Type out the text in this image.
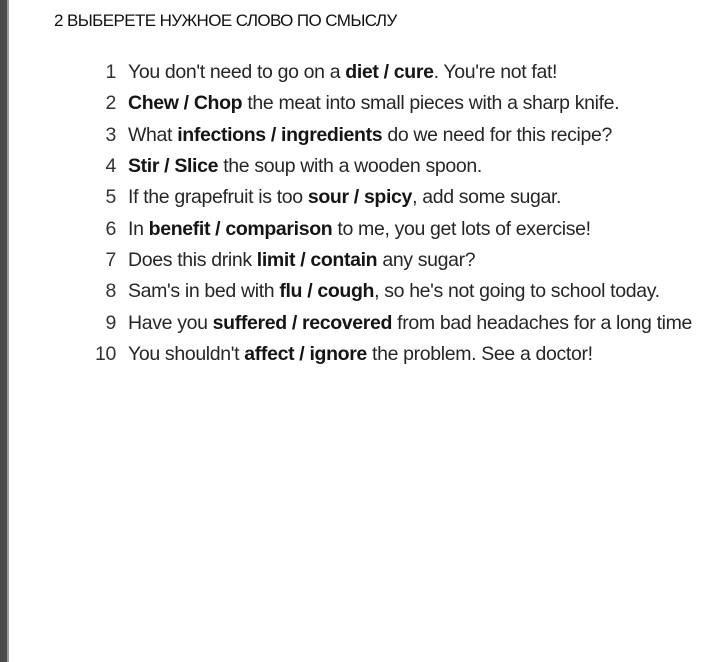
2 ВЫБЕРЕТЕ НУЖНОЕ СЛОВО ПО СМЫСЛУ
1 You don't need to go on a diet / cure . You're not fat!
2 Chew / Chop the meat into small pieces with a sharp knife.
3 What infections / ingredients do we need for this recipe?
4 Stir / Slice the soup with a wooden spoon.
5 If the grapefruit is too sour / spicy , add some sugar.
6 In benefit / comparison to me, you get lots of exercise!
7 Does this drink limit / contain any sugar?
8 Sam's in bed with flu / cough , so he's not going to school today.
9 Have you suffered / recovered from bad headaches for a long time
10 You shouldn't affect / ignore the problem. See a doctor!
